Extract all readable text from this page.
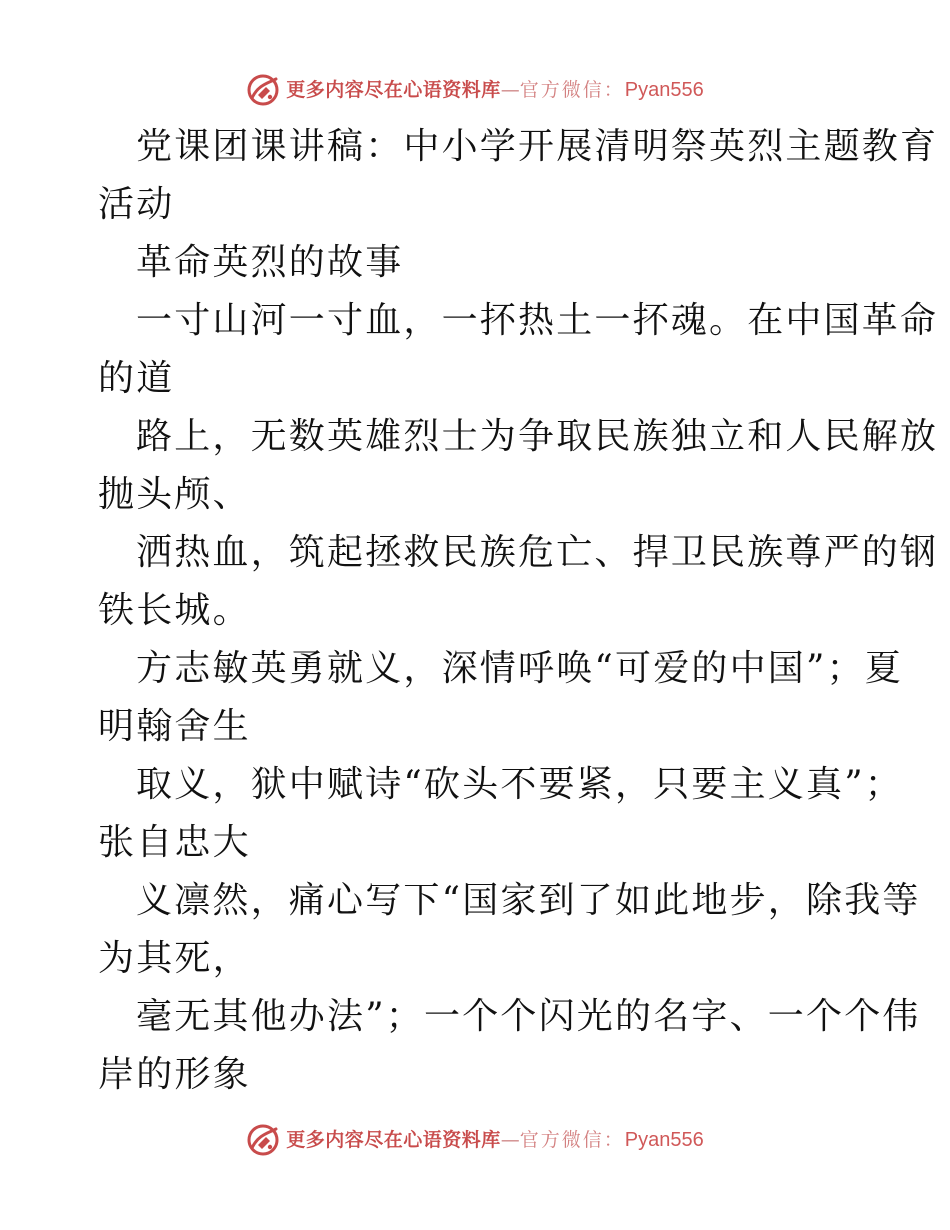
更多内容尽在心语资料库 — 官方微信： Pyan556
党课团课讲稿：中小学开展清明祭英烈主题教育
活动
革命英烈的故事
一寸山河一寸血，一抔热土一抔魂。在中国革命
的道
路上，无数英雄烈士为争取民族独立和人民解放
抛头颅、
洒热血，筑起拯救民族危亡、捍卫民族尊严的钢
铁长城。
方志敏英勇就义，深情呼唤“可爱的中国”；夏
明翰舍生
取义，狱中赋诗“砍头不要紧，只要主义真”；
张自忠大
义凛然，痛心写下“国家到了如此地步，除我等
为其死，
毫无其他办法”；一个个闪光的名字、一个个伟
岸的形象
更多内容尽在心语资料库 — 官方微信： Pyan556
